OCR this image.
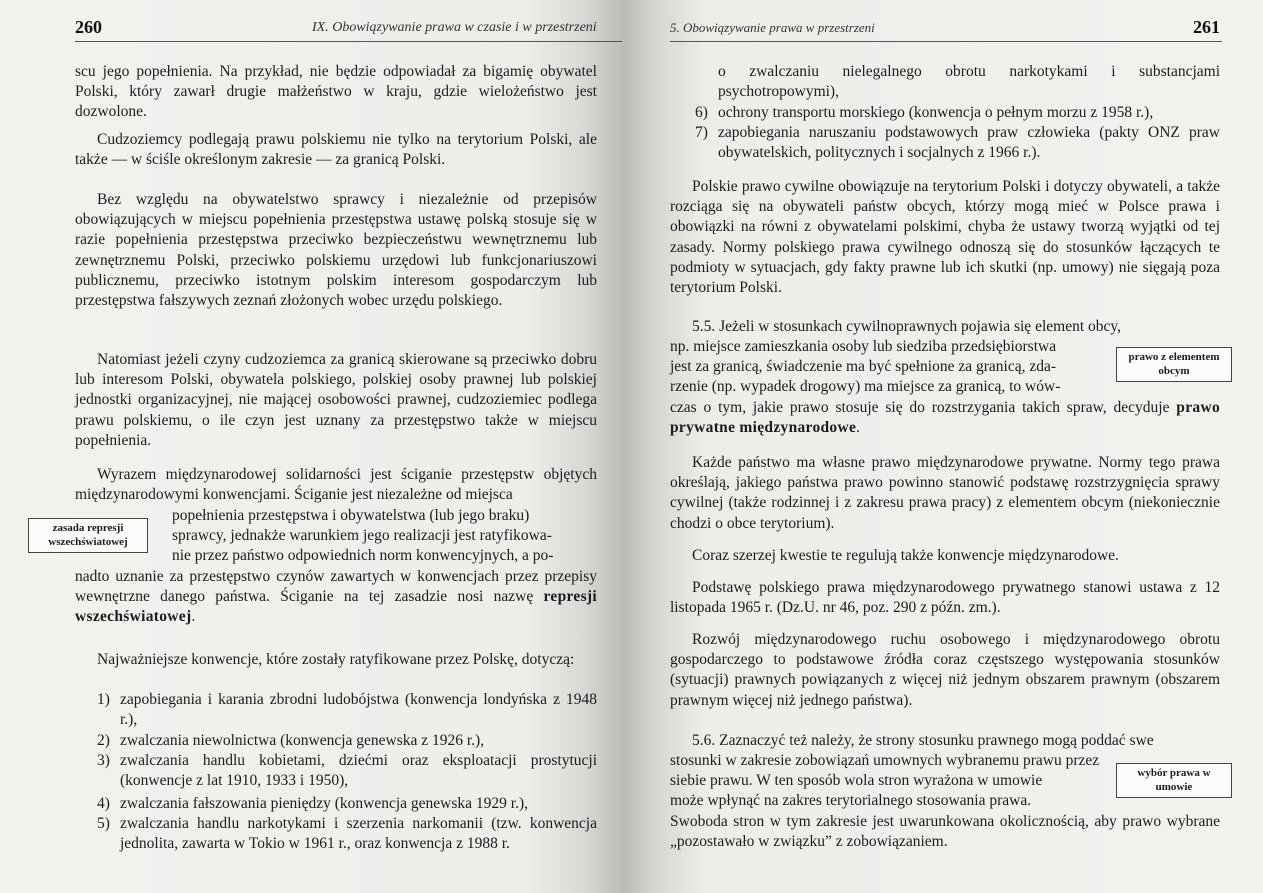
260	IX. Obowiązywanie prawa w czasie i w przestrzeni

scu jego popełnienia. Na przykład, nie będzie odpowiadał za bigamię obywatel Polski, który zawarł drugie małżeństwo w kraju, gdzie wielożeństwo jest dozwolone.

Cudzoziemcy podlegają prawu polskiemu nie tylko na terytorium Polski, ale także — w ściśle określonym zakresie — za granicą Polski.

Bez względu na obywatelstwo sprawcy i niezależnie od przepisów obowiązujących w miejscu popełnienia przestępstwa ustawę polską stosuje się w razie popełnienia przestępstwa przeciwko bezpieczeństwu wewnętrznemu lub zewnętrznemu Polski, przeciwko polskiemu urzędowi lub funkcjonariuszowi publicznemu, przeciwko istotnym polskim interesom gospodarczym lub przestępstwa fałszywych zeznań złożonych wobec urzędu polskiego.

Natomiast jeżeli czyny cudzoziemca za granicą skierowane są przeciwko dobru lub interesom Polski, obywatela polskiego, polskiej osoby prawnej lub polskiej jednostki organizacyjnej, nie mającej osobowości prawnej, cudzoziemiec podlega prawu polskiemu, o ile czyn jest uznany za przestępstwo także w miejscu popełnienia.

Wyrazem międzynarodowej solidarności jest ściganie przestępstw objętych międzynarodowymi konwencjami. Ściganie jest niezależne od miejsca

popełnienia przestępstwa i obywatelstwa (lub jego braku)

sprawcy, jednakże warunkiem jego realizacji jest ratyfikowa-

nie przez państwo odpowiednich norm konwencyjnych, a po-

nadto uznanie za przestępstwo czynów zawartych w konwencjach przez przepisy wewnętrzne danego państwa. Ściganie na tej zasadzie nosi nazwę represji wszechświatowej.

zasada represji wszechświatowej

Najważniejsze konwencje, które zostały ratyfikowane przez Polskę, dotyczą:

1) zapobiegania i karania zbrodni ludobójstwa (konwencja londyńska z 1948 r.),
2) zwalczania niewolnictwa (konwencja genewska z 1926 r.),
3) zwalczania handlu kobietami, dziećmi oraz eksploatacji prostytucji (konwencje z lat 1910, 1933 i 1950),
4) zwalczania fałszowania pieniędzy (konwencja genewska 1929 r.),
5) zwalczania handlu narkotykami i szerzenia narkomanii (tzw. konwencja jednolita, zawarta w Tokio w 1961 r., oraz konwencja z 1988 r.
5. Obowiązywanie prawa w przestrzeni	261

o zwalczaniu nielegalnego obrotu narkotykami i substancjami psychotropowymi),

6) ochrony transportu morskiego (konwencja o pełnym morzu z 1958 r.),
7) zapobiegania naruszaniu podstawowych praw człowieka (pakty ONZ praw obywatelskich, politycznych i socjalnych z 1966 r.).

Polskie prawo cywilne obowiązuje na terytorium Polski i dotyczy obywateli, a także rozciąga się na obywateli państw obcych, którzy mogą mieć w Polsce prawa i obowiązki na równi z obywatelami polskimi, chyba że ustawy tworzą wyjątki od tej zasady. Normy polskiego prawa cywilnego odnoszą się do stosunków łączących te podmioty w sytuacjach, gdy fakty prawne lub ich skutki (np. umowy) nie sięgają poza terytorium Polski.

5.5. Jeżeli w stosunkach cywilnoprawnych pojawia się element obcy,

np. miejsce zamieszkania osoby lub siedziba przedsiębiorstwa

jest za granicą, świadczenie ma być spełnione za granicą, zda-

rzenie (np. wypadek drogowy) ma miejsce za granicą, to wów-

czas o tym, jakie prawo stosuje się do rozstrzygania takich spraw, decyduje prawo prywatne międzynarodowe.

prawo z elementem obcym

Każde państwo ma własne prawo międzynarodowe prywatne. Normy tego prawa określają, jakiego państwa prawo powinno stanowić podstawę rozstrzygnięcia sprawy cywilnej (także rodzinnej i z zakresu prawa pracy) z elementem obcym (niekoniecznie chodzi o obce terytorium).

Coraz szerzej kwestie te regulują także konwencje międzynarodowe.

Podstawę polskiego prawa międzynarodowego prywatnego stanowi ustawa z 12 listopada 1965 r. (Dz.U. nr 46, poz. 290 z późn. zm.).

Rozwój międzynarodowego ruchu osobowego i międzynarodowego obrotu gospodarczego to podstawowe źródła coraz częstszego występowania stosunków (sytuacji) prawnych powiązanych z więcej niż jednym obszarem prawnym (obszarem prawnym więcej niż jednego państwa).

5.6. Zaznaczyć też należy, że strony stosunku prawnego mogą poddać swe

stosunki w zakresie zobowiązań umownych wybranemu prawu przez

siebie prawu. W ten sposób wola stron wyrażona w umowie

może wpłynąć na zakres terytorialnego stosowania prawa.

Swoboda stron w tym zakresie jest uwarunkowana okolicznością, aby prawo wybrane „pozostawało w związku” z zobowiązaniem.

wybór prawa w umowie
